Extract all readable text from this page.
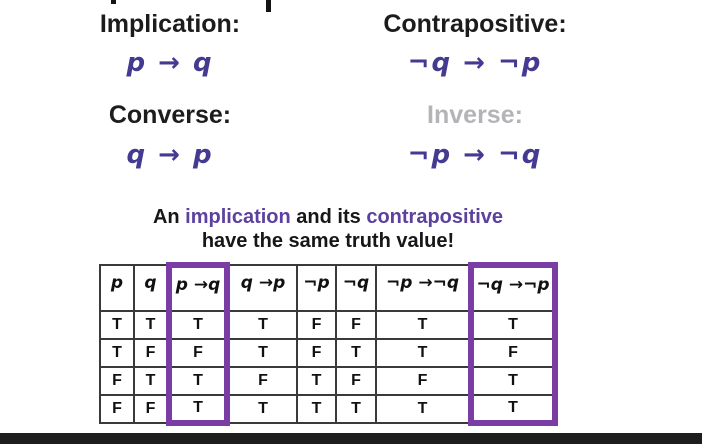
Implication:
p → q
Contrapositive:
¬q → ¬p
Converse:
q → p
Inverse:
¬p → ¬q
An implication and its contrapositive
have the same truth value!
p	q	p →q	q →p	¬p	¬q	¬p →¬q	¬q →¬p
T	T	T	T	F	F	T	T
T	F	F	T	F	T	T	F
F	T	T	F	T	F	F	T
F	F	T	T	T	T	T	T
